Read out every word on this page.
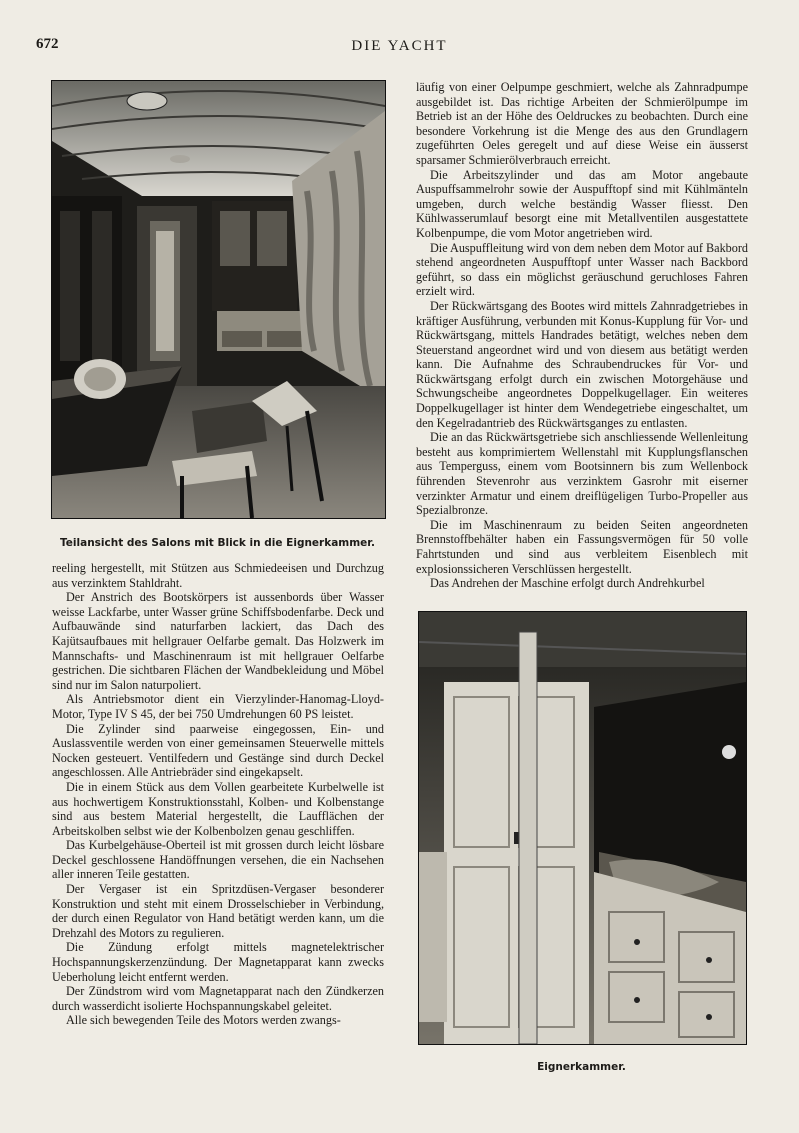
672	DIE YACHT
Teilansicht des Salons mit Blick in die Eignerkammer.

reeling hergestellt, mit Stützen aus Schmiedeeisen und Durchzug aus verzinktem Stahldraht.

Der Anstrich des Bootskörpers ist aussenbords über Wasser weisse Lackfarbe, unter Wasser grüne Schiffsbodenfarbe. Deck und Aufbauwände sind naturfarben lackiert, das Dach des Kajütsaufbaues mit hellgrauer Oelfarbe gemalt. Das Holzwerk im Mannschafts- und Maschinenraum ist mit hellgrauer Oelfarbe gestrichen. Die sichtbaren Flächen der Wandbekleidung und Möbel sind nur im Salon naturpoliert.

Als Antriebsmotor dient ein Vierzylinder-Hanomag-Lloyd-Motor, Type IV S 45, der bei 750 Umdrehungen 60 PS leistet.

Die Zylinder sind paarweise eingegossen, Ein- und Auslassventile werden von einer gemeinsamen Steuerwelle mittels Nocken gesteuert. Ventilfedern und Gestänge sind durch Deckel angeschlossen. Alle Antriebräder sind eingekapselt.

Die in einem Stück aus dem Vollen gearbeitete Kurbelwelle ist aus hochwertigem Konstruktionsstahl, Kolben- und Kolbenstange sind aus bestem Material hergestellt, die Laufflächen der Arbeitskolben selbst wie der Kolbenbolzen genau geschliffen.

Das Kurbelgehäuse-Oberteil ist mit grossen durch leicht lösbare Deckel geschlossene Handöffnungen versehen, die ein Nachsehen aller inneren Teile gestatten.

Der Vergaser ist ein Spritzdüsen-Vergaser besonderer Konstruktion und steht mit einem Drosselschieber in Verbindung, der durch einen Regulator von Hand betätigt werden kann, um die Drehzahl des Motors zu regulieren.

Die Zündung erfolgt mittels magnetelektrischer Hochspannungskerzenzündung. Der Magnetapparat kann zwecks Ueberholung leicht entfernt werden.

Der Zündstrom wird vom Magnetapparat nach den Zündkerzen durch wasserdicht isolierte Hochspannungskabel geleitet.

Alle sich bewegenden Teile des Motors werden zwangs-

läufig von einer Oelpumpe geschmiert, welche als Zahnradpumpe ausgebildet ist. Das richtige Arbeiten der Schmierölpumpe im Betrieb ist an der Höhe des Oeldruckes zu beobachten. Durch eine besondere Vorkehrung ist die Menge des aus den Grundlagern zugeführten Oeles geregelt und auf diese Weise ein äusserst sparsamer Schmierölverbrauch erreicht.

Die Arbeitszylinder und das am Motor angebaute Auspuffsammelrohr sowie der Auspufftopf sind mit Kühlmänteln umgeben, durch welche beständig Wasser fliesst. Den Kühlwasserumlauf besorgt eine mit Metallventilen ausgestattete Kolbenpumpe, die vom Motor angetrieben wird.

Die Auspuffleitung wird von dem neben dem Motor auf Bakbord stehend angeordneten Auspufftopf unter Wasser nach Backbord geführt, so dass ein möglichst geräuschund geruchloses Fahren erzielt wird.

Der Rückwärtsgang des Bootes wird mittels Zahnradgetriebes in kräftiger Ausführung, verbunden mit Konus-Kupplung für Vor- und Rückwärtsgang, mittels Handrades betätigt, welches neben dem Steuerstand angeordnet wird und von diesem aus betätigt werden kann. Die Aufnahme des Schraubendruckes für Vor- und Rückwärtsgang erfolgt durch ein zwischen Motorgehäuse und Schwungscheibe angeordnetes Doppelkugellager. Ein weiteres Doppelkugellager ist hinter dem Wendegetriebe eingeschaltet, um den Kegelradantrieb des Rückwärtsganges zu entlasten.

Die an das Rückwärtsgetriebe sich anschliessende Wellenleitung besteht aus komprimiertem Wellenstahl mit Kupplungsflanschen aus Temperguss, einem vom Bootsinnern bis zum Wellenbock führenden Stevenrohr aus verzinktem Gasrohr mit eiserner verzinkter Armatur und einem dreiflügeligen Turbo-Propeller aus Spezialbronze.

Die im Maschinenraum zu beiden Seiten angeordneten Brennstoffbehälter haben ein Fassungsvermögen für 50 volle Fahrtstunden und sind aus verbleitem Eisenblech mit explosionssicheren Verschlüssen hergestellt.

Das Andrehen der Maschine erfolgt durch Andrehkurbel

Eignerkammer.
